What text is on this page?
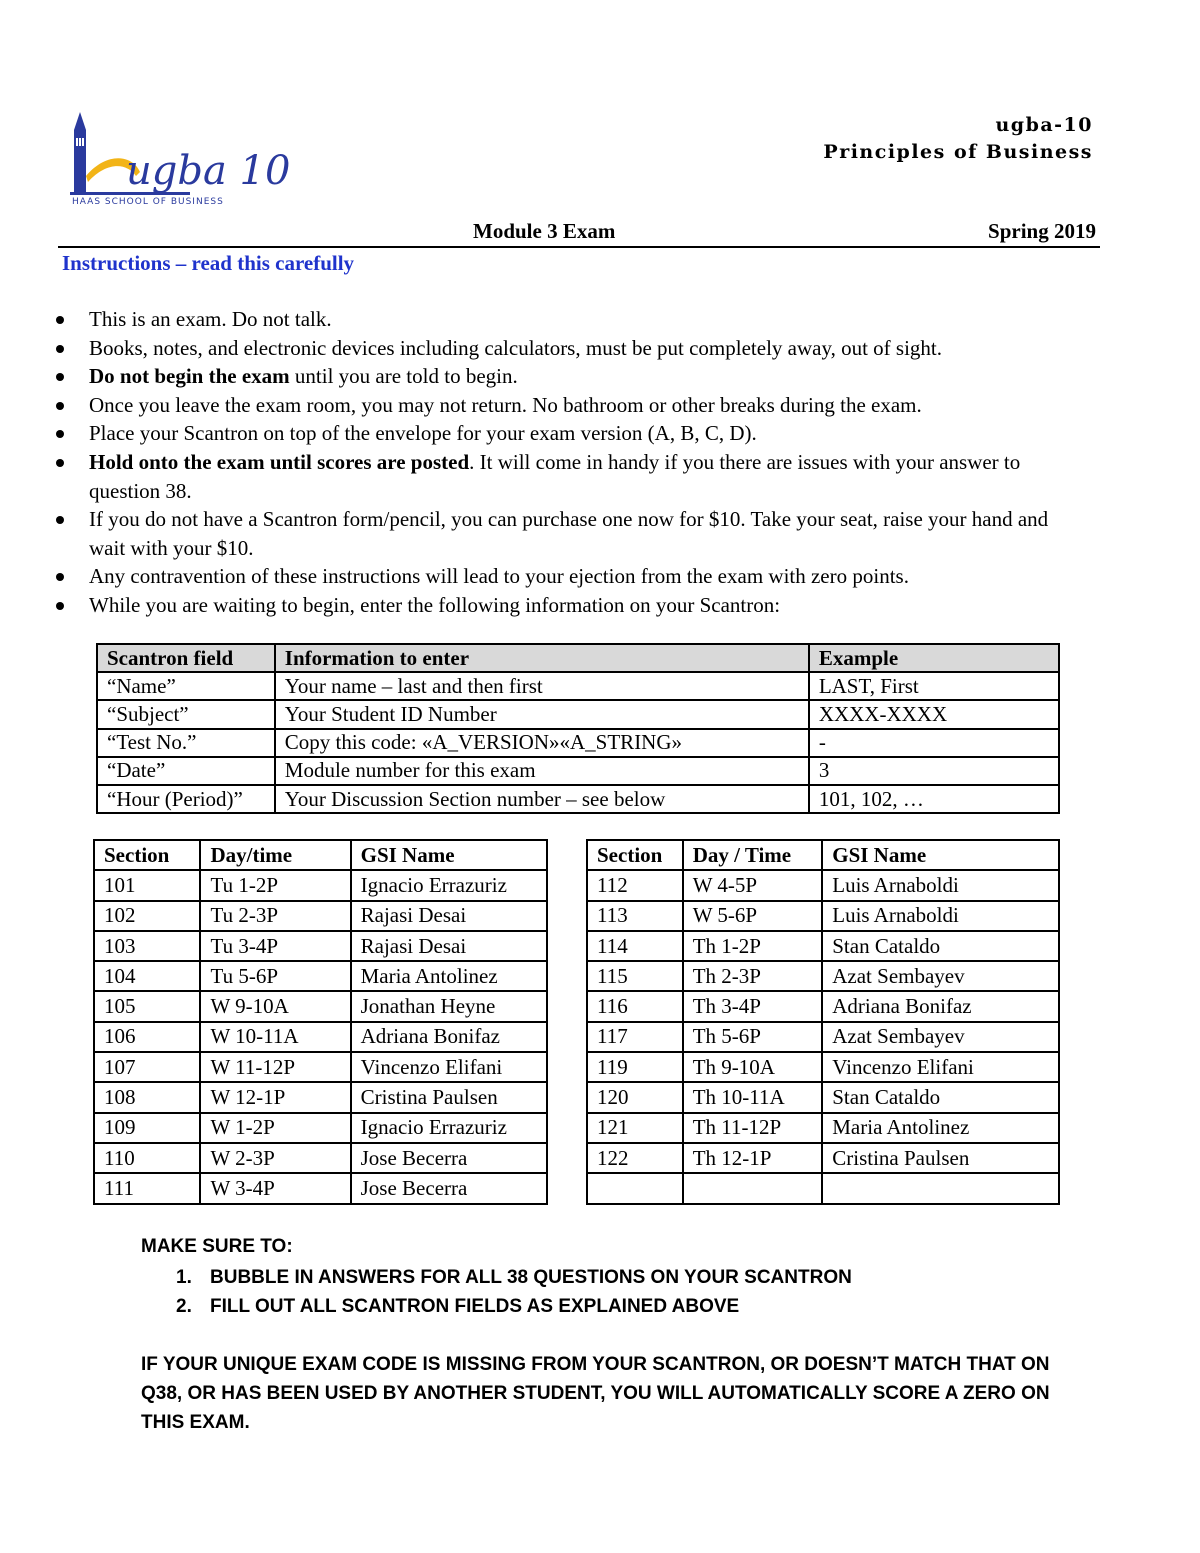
ugba 10
HAAS SCHOOL OF BUSINESS
ugba-10
Principles of Business
Module 3 Exam	Spring 2019
Instructions – read this carefully
This is an exam. Do not talk.
Books, notes, and electronic devices including calculators, must be put completely away, out of sight.
Do not begin the exam until you are told to begin.
Once you leave the exam room, you may not return. No bathroom or other breaks during the exam.
Place your Scantron on top of the envelope for your exam version (A, B, C, D).
Hold onto the exam until scores are posted. It will come in handy if you there are issues with your answer to question 38.
If you do not have a Scantron form/pencil, you can purchase one now for $10. Take your seat, raise your hand and wait with your $10.
Any contravention of these instructions will lead to your ejection from the exam with zero points.
While you are waiting to begin, enter the following information on your Scantron:
Scantron field	Information to enter	Example
“Name”	Your name – last and then first	LAST, First
“Subject”	Your Student ID Number	XXXX-XXXX
“Test No.”	Copy this code: «A_VERSION»«A_STRING»	-
“Date”	Module number for this exam	3
“Hour (Period)”	Your Discussion Section number – see below	101, 102, …
Section	Day/time	GSI Name
101	Tu 1-2P	Ignacio Errazuriz
102	Tu 2-3P	Rajasi Desai
103	Tu 3-4P	Rajasi Desai
104	Tu 5-6P	Maria Antolinez
105	W 9-10A	Jonathan Heyne
106	W 10-11A	Adriana Bonifaz
107	W 11-12P	Vincenzo Elifani
108	W 12-1P	Cristina Paulsen
109	W 1-2P	Ignacio Errazuriz
110	W 2-3P	Jose Becerra
111	W 3-4P	Jose Becerra
Section	Day / Time	GSI Name
112	W 4-5P	Luis Arnaboldi
113	W 5-6P	Luis Arnaboldi
114	Th 1-2P	Stan Cataldo
115	Th 2-3P	Azat Sembayev
116	Th 3-4P	Adriana Bonifaz
117	Th 5-6P	Azat Sembayev
119	Th 9-10A	Vincenzo Elifani
120	Th 10-11A	Stan Cataldo
121	Th 11-12P	Maria Antolinez
122	Th 12-1P	Cristina Paulsen

MAKE SURE TO:
1. BUBBLE IN ANSWERS FOR ALL 38 QUESTIONS ON YOUR SCANTRON
2. FILL OUT ALL SCANTRON FIELDS AS EXPLAINED ABOVE
IF YOUR UNIQUE EXAM CODE IS MISSING FROM YOUR SCANTRON, OR DOESN’T MATCH THAT ON Q38, OR HAS BEEN USED BY ANOTHER STUDENT, YOU WILL AUTOMATICALLY SCORE A ZERO ON THIS EXAM.
